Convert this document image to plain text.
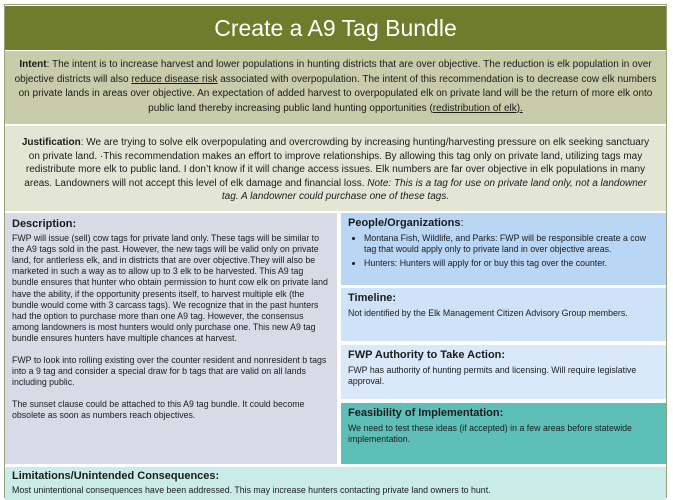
Create a A9 Tag Bundle
Intent: The intent is to increase harvest and lower populations in hunting districts that are over objective. The reduction is elk population in over objective districts will also reduce disease risk associated with overpopulation. The intent of this recommendation is to decrease cow elk numbers on private lands in areas over objective. An expectation of added harvest to overpopulated elk on private land will be the return of more elk onto public land thereby increasing public land hunting opportunities (redistribution of elk).
Justification: We are trying to solve elk overpopulating and overcrowding by increasing hunting/harvesting pressure on elk seeking sanctuary on private land. ·This recommendation makes an effort to improve relationships. By allowing this tag only on private land, utilizing tags may redistribute more elk to public land. I don’t know if it will change access issues. Elk numbers are far over objective in elk populations in many areas. Landowners will not accept this level of elk damage and financial loss. Note: This is a tag for use on private land only, not a landowner tag. A landowner could purchase one of these tags.
Description:

FWP will issue (sell) cow tags for private land only. These tags will be similar to the A9 tags sold in the past. However, the new tags will be valid only on private land, for antlerless elk, and in districts that are over objective.They will also be marketed in such a way as to allow up to 3 elk to be harvested. This A9 tag bundle ensures that hunter who obtain permission to hunt cow elk on private land have the ability, if the opportunity presents itself, to harvest multiple elk (the bundle would come with 3 carcass tags). We recognize that in the past hunters had the option to purchase more than one A9 tag. However, the consensus among landowners is most hunters would only purchase one. This new A9 tag bundle ensures hunters have multiple chances at harvest.

FWP to look into rolling existing over the counter resident and nonresident b tags into a 9 tag and consider a special draw for b tags that are valid on all lands including public.

The sunset clause could be attached to this A9 tag bundle. It could become obsolete as soon as numbers reach objectives.

People/Organizations:
• Montana Fish, Wildlife, and Parks: FWP will be responsible create a cow tag that would apply only to private land in over objective areas.
• Hunters: Hunters will apply for or buy this tag over the counter.
Timeline:
Not identified by the Elk Management Citizen Advisory Group members.
FWP Authority to Take Action:
FWP has authority of hunting permits and licensing. Will require legislative approval.
Feasibility of Implementation:
We need to test these ideas (if accepted) in a few areas before statewide implementation.
Limitations/Unintended Consequences:
Most unintentional consequences have been addressed. This may increase hunters contacting private land owners to hunt.
